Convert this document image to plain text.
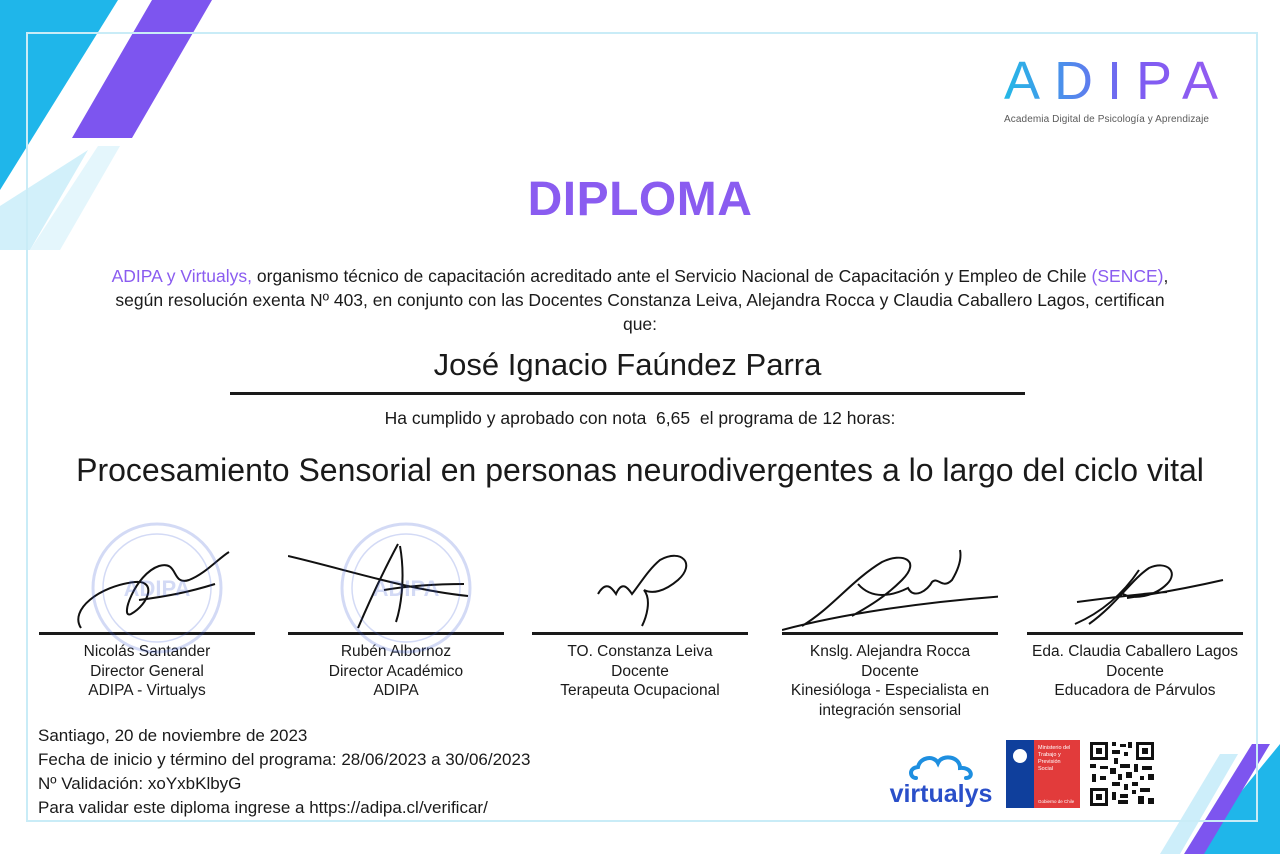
ADIPA
Academia Digital de Psicología y Aprendizaje
DIPLOMA
ADIPA y Virtualys, organismo técnico de capacitación acreditado ante el Servicio Nacional de Capacitación y Empleo de Chile (SENCE), según resolución exenta Nº 403, en conjunto con las Docentes Constanza Leiva, Alejandra Rocca y Claudia Caballero Lagos, certifican que:
José Ignacio Faúndez Parra
Ha cumplido y aprobado con nota 6,65 el programa de 12 horas:
Procesamiento Sensorial en personas neurodivergentes a lo largo del ciclo vital
ADIPA
Nicolás Santander
Director General
ADIPA - Virtualys
ADIPA
Rubén Albornoz
Director Académico
ADIPA
TO. Constanza Leiva
Docente
Terapeuta Ocupacional
Knslg. Alejandra Rocca
Docente
Kinesióloga - Especialista en integración sensorial
Eda. Claudia Caballero Lagos
Docente
Educadora de Párvulos
Santiago, 20 de noviembre de 2023
Fecha de inicio y término del programa: 28/06/2023 a 30/06/2023
Nº Validación: xoYxbKlbyG
Para validar este diploma ingrese a https://adipa.cl/verificar/	virtualys
Ministerio del
Trabajo y
Previsión
Social
Gobierno de Chile
